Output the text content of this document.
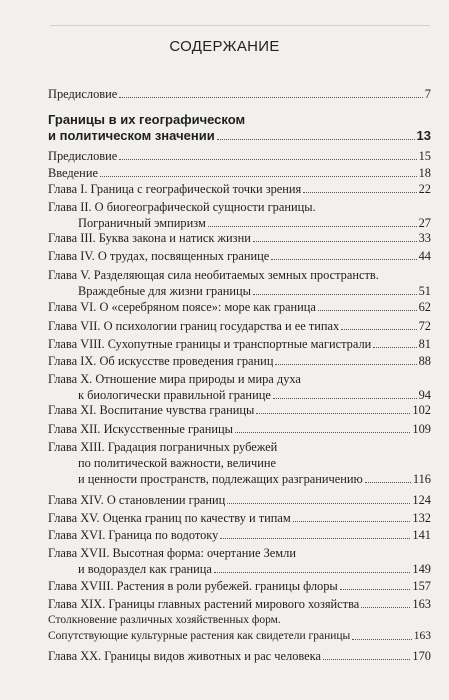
СОДЕРЖАНИЕ

Предисловие	7
Границы в их географическом
и политическом значении	13
Предисловие	15
Введение	18
Глава I. Граница с географической точки зрения	22
Глава II. О биогеографической сущности границы.
Пограничный эмпиризм	27
Глава III. Буква закона и натиск жизни	33
Глава IV. О трудах, посвященных границе	44
Глава V. Разделяющая сила необитаемых земных пространств.
Враждебные для жизни границы	51
Глава VI. О «серебряном поясе»: море как граница	62
Глава VII. О психологии границ государства и ее типах	72
Глава VIII. Сухопутные границы и транспортные магистрали	81
Глава IX. Об искусстве проведения границ	88
Глава X. Отношение мира природы и мира духа
к биологически правильной границе	94
Глава XI. Воспитание чувства границы	102
Глава XII. Искусственные границы	109
Глава XIII. Градация пограничных рубежей
по политической важности, величине
и ценности пространств, подлежащих разграничению	116
Глава XIV. О становлении границ	124
Глава XV. Оценка границ по качеству и типам	132
Глава XVI. Граница по водотоку	141
Глава XVII. Высотная форма: очертание Земли
и водораздел как граница	149
Глава XVIII. Растения в роли рубежей. границы флоры	157
Глава XIX. Границы главных растений мирового хозяйства	163
Столкновение различных хозяйственных форм.
Сопутствующие культурные растения как свидетели границы	163
Глава XX. Границы видов животных и рас человека	170
